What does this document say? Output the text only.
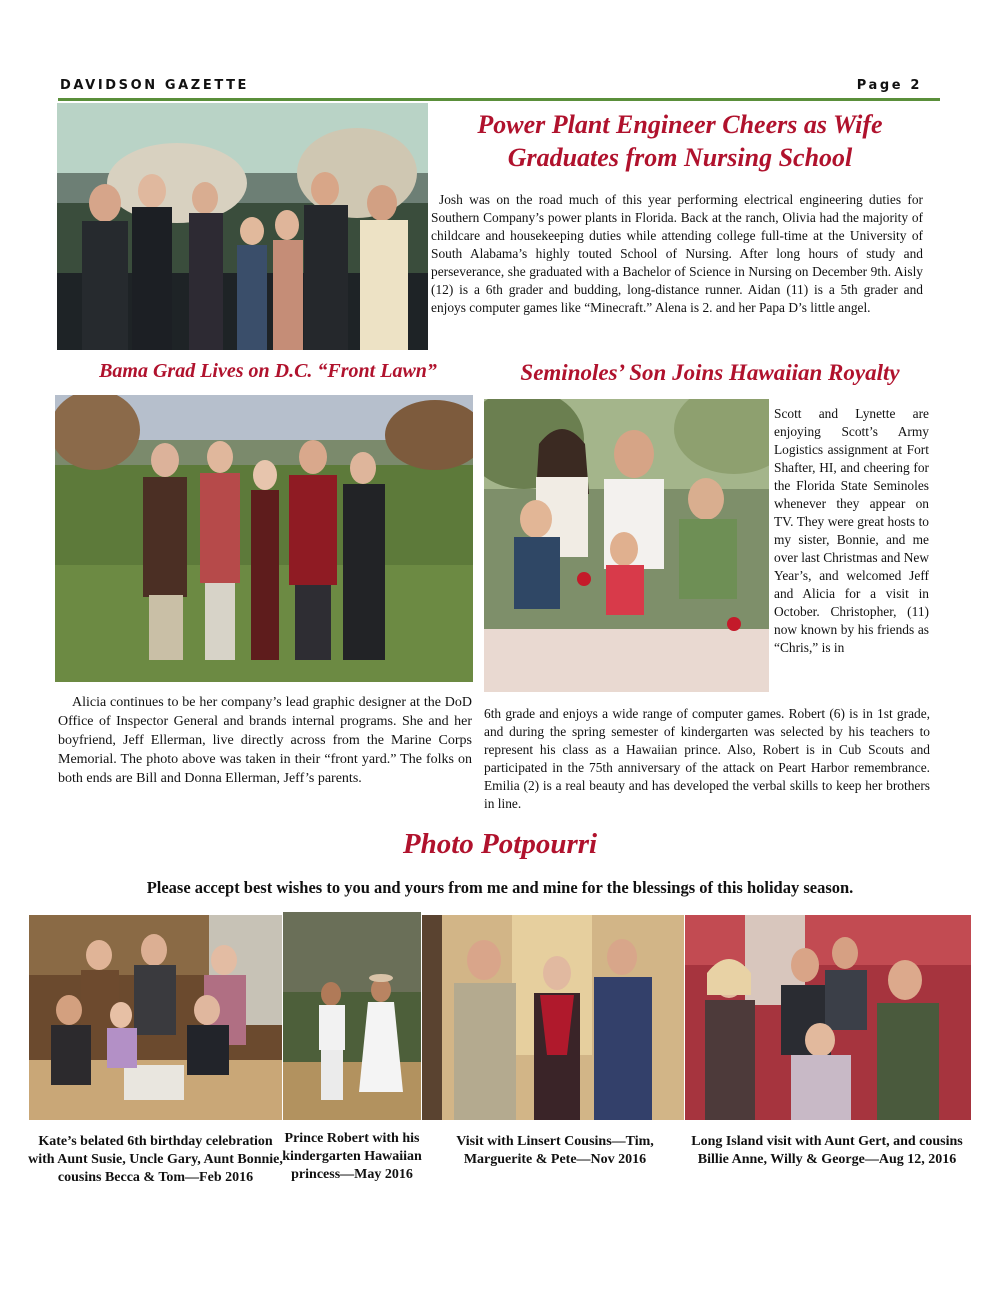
DAVIDSON GAZETTE	Page 2
Power Plant Engineer Cheers as Wife Graduates from Nursing School

Josh was on the road much of this year performing electrical engineering duties for Southern Company’s power plants in Florida. Back at the ranch, Olivia had the majority of childcare and housekeeping duties while attending college full-time at the University of South Alabama’s highly touted School of Nursing. After long hours of study and perseverance, she graduated with a Bachelor of Science in Nursing on December 9th. Aisly (12) is a 6th grader and budding, long-distance runner. Aidan (11) is a 5th grader and enjoys computer games like “Minecraft.” Alena is 2. and her Papa D’s little angel.

Bama Grad Lives on D.C. “Front Lawn”

Alicia continues to be her company’s lead graphic designer at the DoD Office of Inspector General and brands internal programs. She and her boyfriend, Jeff Ellerman, live directly across from the Marine Corps Memorial. The photo above was taken in their “front yard.” The folks on both ends are Bill and Donna Ellerman, Jeff’s parents.

Seminoles’ Son Joins Hawaiian Royalty

Scott and Lynette are enjoying Scott’s Army Logistics assignment at Fort Shafter, HI, and cheering for the Florida State Seminoles whenever they appear on TV. They were great hosts to my sister, Bonnie, and me over last Christmas and New Year’s, and welcomed Jeff and Alicia for a visit in October. Christopher, (11) now known by his friends as “Chris,” is in

6th grade and enjoys a wide range of computer games. Robert (6) is in 1st grade, and during the spring semester of kindergarten was selected by his teachers to represent his class as a Hawaiian prince. Also, Robert is in Cub Scouts and participated in the 75th anniversary of the attack on Peart Harbor remembrance. Emilia (2) is a real beauty and has developed the verbal skills to keep her brothers in line.

Photo Potpourri
Please accept best wishes to you and yours from me and mine for the blessings of this holiday season.
Kate’s belated 6th birthday celebration with Aunt Susie, Uncle Gary, Aunt Bonnie, cousins Becca & Tom—Feb 2016
Prince Robert with his kindergarten Hawaiian princess—May 2016
Visit with Linsert Cousins—Tim, Marguerite & Pete—Nov 2016
Long Island visit with Aunt Gert, and cousins Billie Anne, Willy & George—Aug 12, 2016
